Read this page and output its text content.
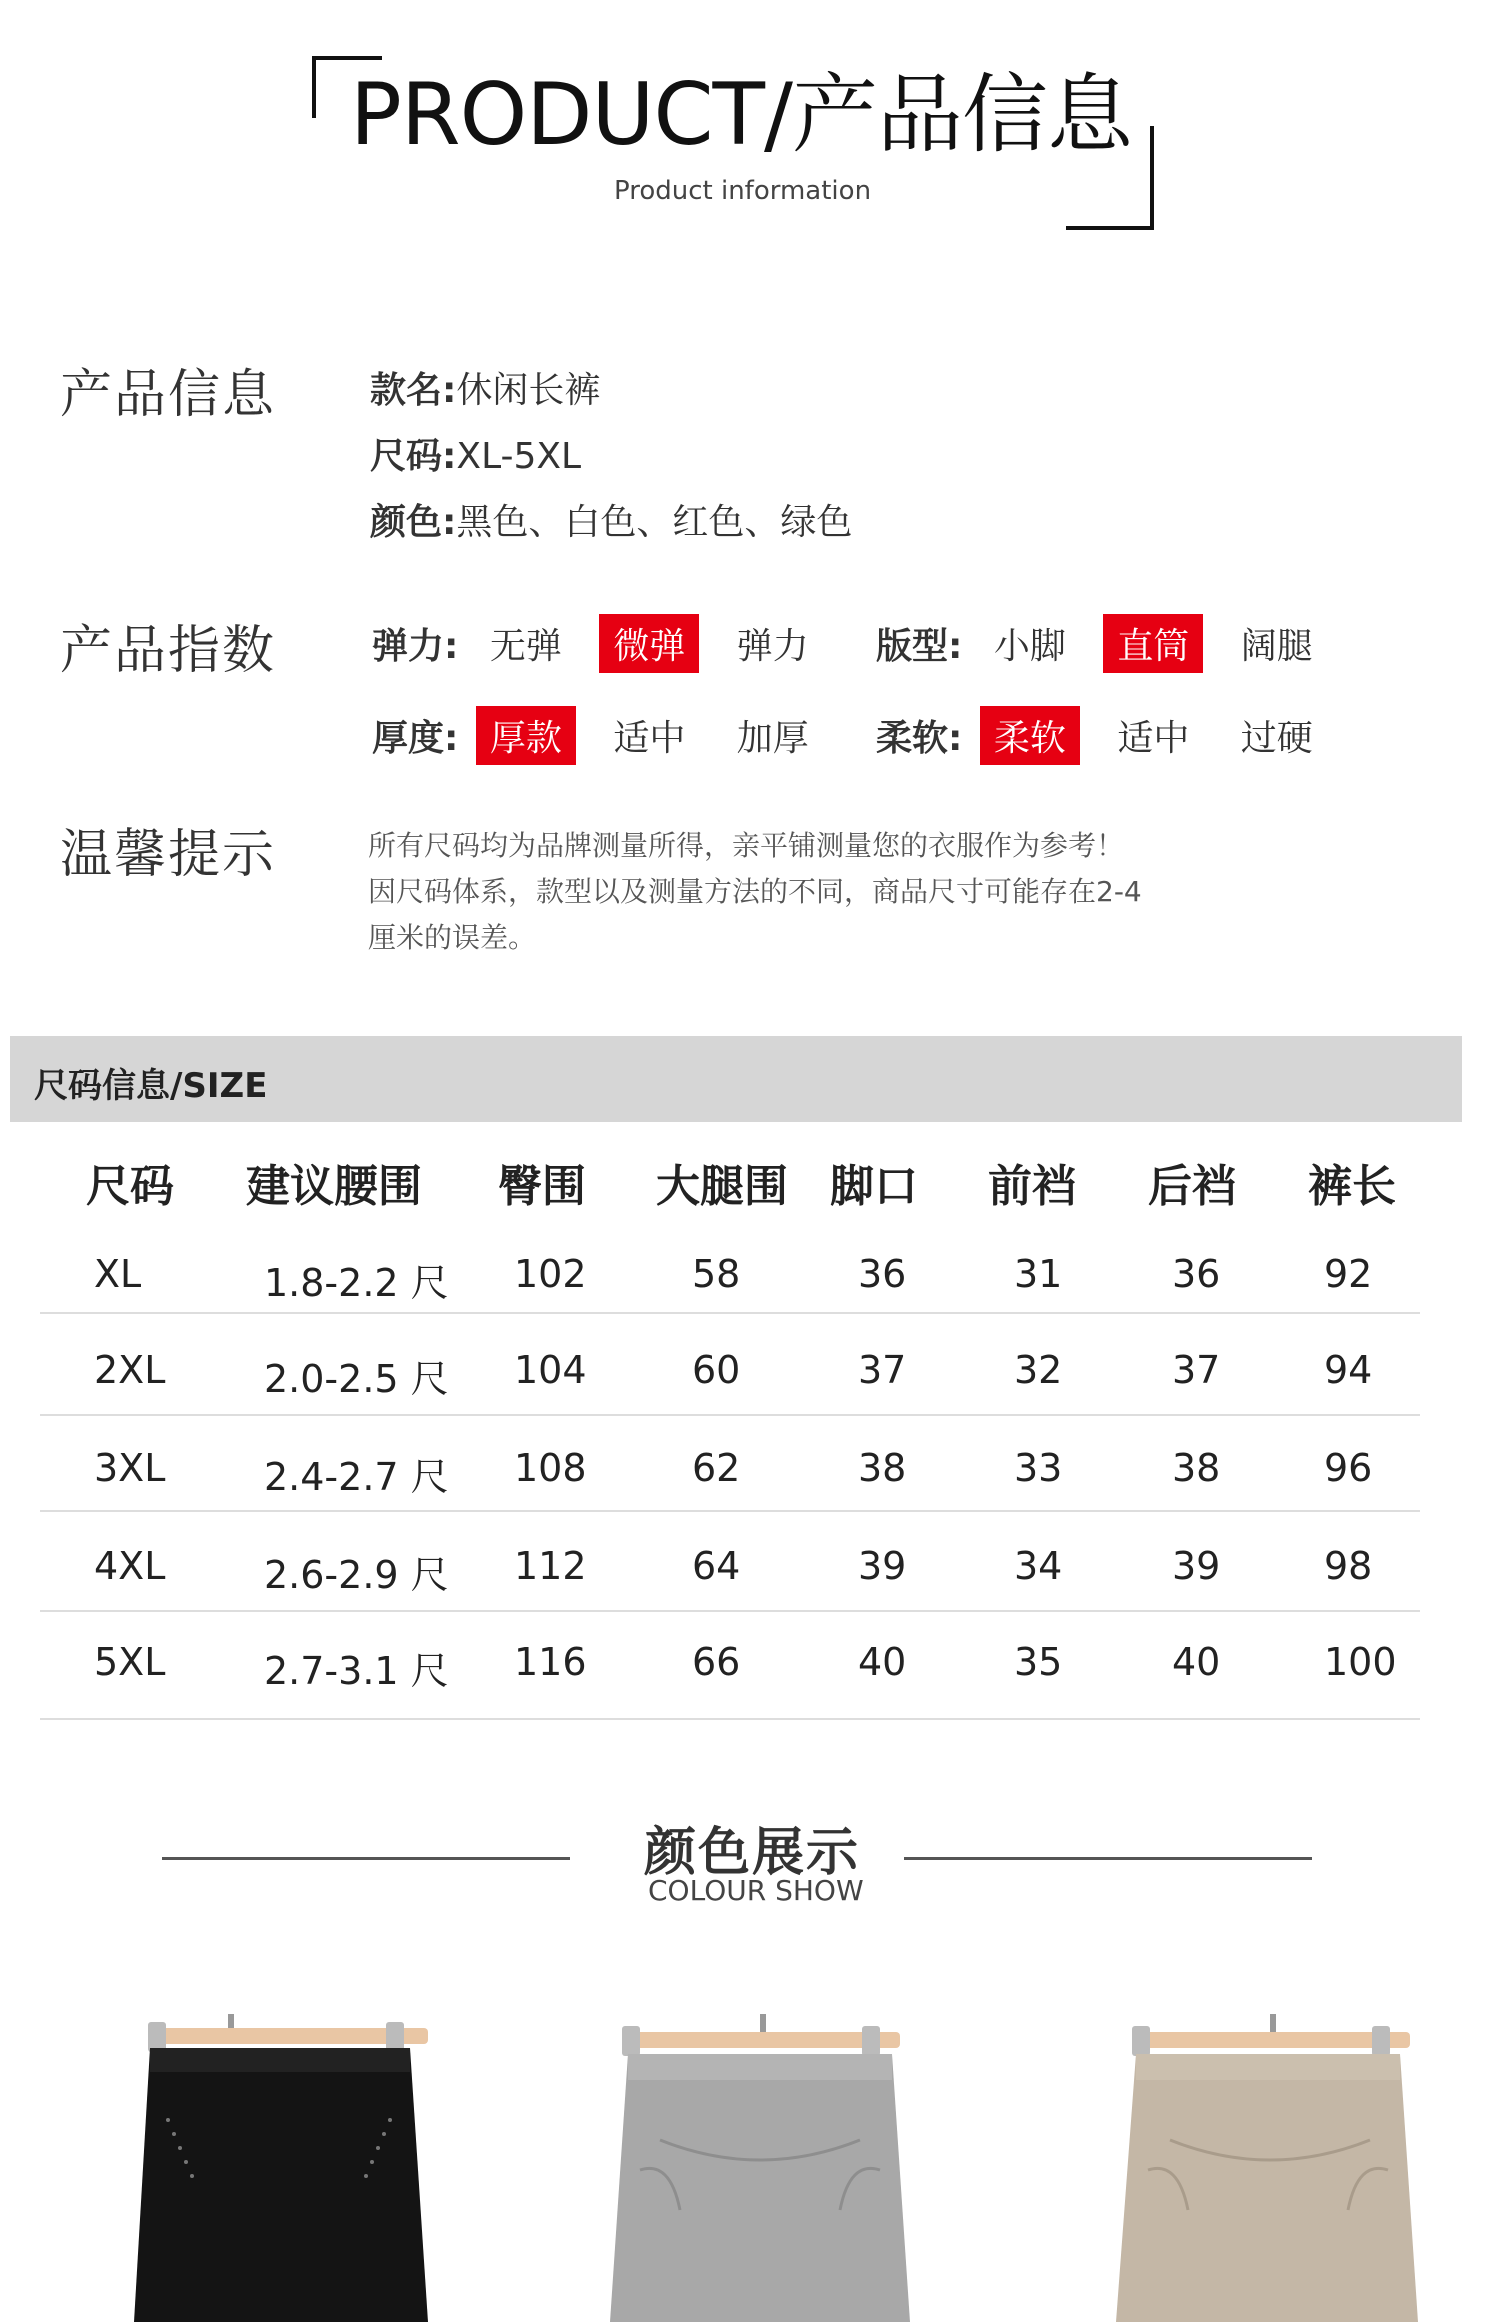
PRODUCT/产品信息
Product information
产品信息	款名:休闲长裤
尺码:XL-5XL
颜色:黑色、白色、红色、绿色
产品指数	弹力: 无弹 微弹 弹力	版型: 小脚 直筒 阔腿
厚度: 厚款 适中 加厚	柔软: 柔软 适中 过硬
温馨提示	所有尺码均为品牌测量所得，亲平铺测量您的衣服作为参考！
因尺码体系，款型以及测量方法的不同，商品尺寸可能存在2-4
厘米的误差。
尺码信息/SIZE
尺码 建议腰围 臀围 大腿围 脚口 前裆 后裆 裤长
XL	1.8-2.2 尺 102	58	36	31	36	92
2XL	2.0-2.5 尺 104	60	37	32	37	94
3XL	2.4-2.7 尺 108	62	38	33	38	96
4XL	2.6-2.9 尺 112	64	39	34	39	98
5XL	2.7-3.1 尺 116	66	40	35	40	100
颜色展示
COLOUR SHOW
